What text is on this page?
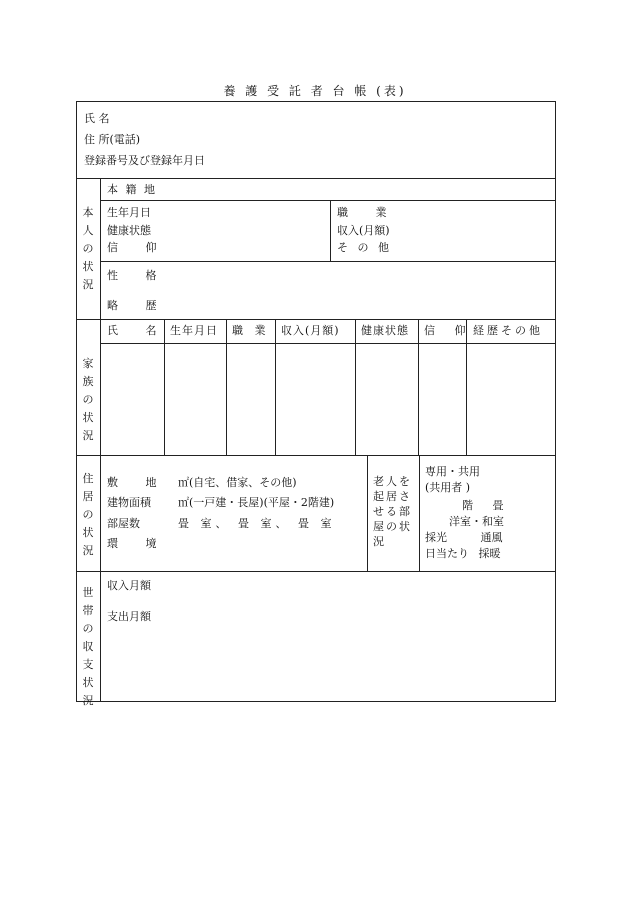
養 護 受 託 者 台 帳 (表)
氏 名
住 所(電話)
登録番号及び登録年月日
本人の状況
本 籍 地
生年月日
健康状態
信 仰
職 業
収入(月額)
そ の 他
性 格
略 歴
家族の状況
氏 名 生年月日 職 業 収入(月額) 健康状態 信 仰 経歴その他
住居の状況
敷 地 ㎡(自宅、借家、その他)
建物面積 ㎡(一戸建・長屋)(平屋・2階建)
部屋数	畳 室、 畳 室、 畳 室
環 境
老人を起居させる部屋の状況
専用・共用
(共用者 )
階 畳
洋室・和室
採光 通風
日当たり 採暖
世帯の収支状況
収入月額
支出月額
